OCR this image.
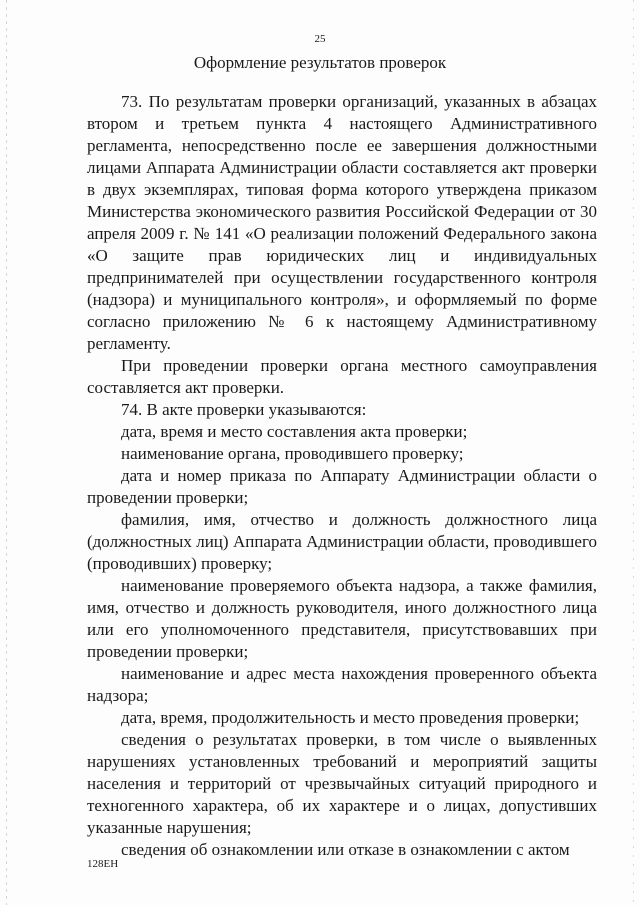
25
Оформление результатов проверок

73. По результатам проверки организаций, указанных в абзацах втором и третьем пункта 4 настоящего Административного регламента, непосредственно после ее завершения должностными лицами Аппарата Администрации области составляется акт проверки в двух экземплярах, типовая форма которого утверждена приказом Министерства экономического развития Российской Федерации от 30 апреля 2009 г. № 141 «О реализации положений Федерального закона «О защите прав юридических лиц и индивидуальных предпринимателей при осуществлении государственного контроля (надзора) и муниципального контроля», и оформляемый по форме согласно приложению № 6 к настоящему Административному регламенту.

При проведении проверки органа местного самоуправления составляется акт проверки.

74. В акте проверки указываются:

дата, время и место составления акта проверки;

наименование органа, проводившего проверку;

дата и номер приказа по Аппарату Администрации области о проведении проверки;

фамилия, имя, отчество и должность должностного лица (должностных лиц) Аппарата Администрации области, проводившего (проводивших) проверку;

наименование проверяемого объекта надзора, а также фамилия, имя, отчество и должность руководителя, иного должностного лица или его уполномоченного представителя, присутствовавших при проведении проверки;

наименование и адрес места нахождения проверенного объекта надзора;

дата, время, продолжительность и место проведения проверки;

сведения о результатах проверки, в том числе о выявленных нарушениях установленных требований и мероприятий защиты населения и территорий от чрезвычайных ситуаций природного и техногенного характера, об их характере и о лицах, допустивших указанные нарушения;

сведения об ознакомлении или отказе в ознакомлении с актом

128ЕН
